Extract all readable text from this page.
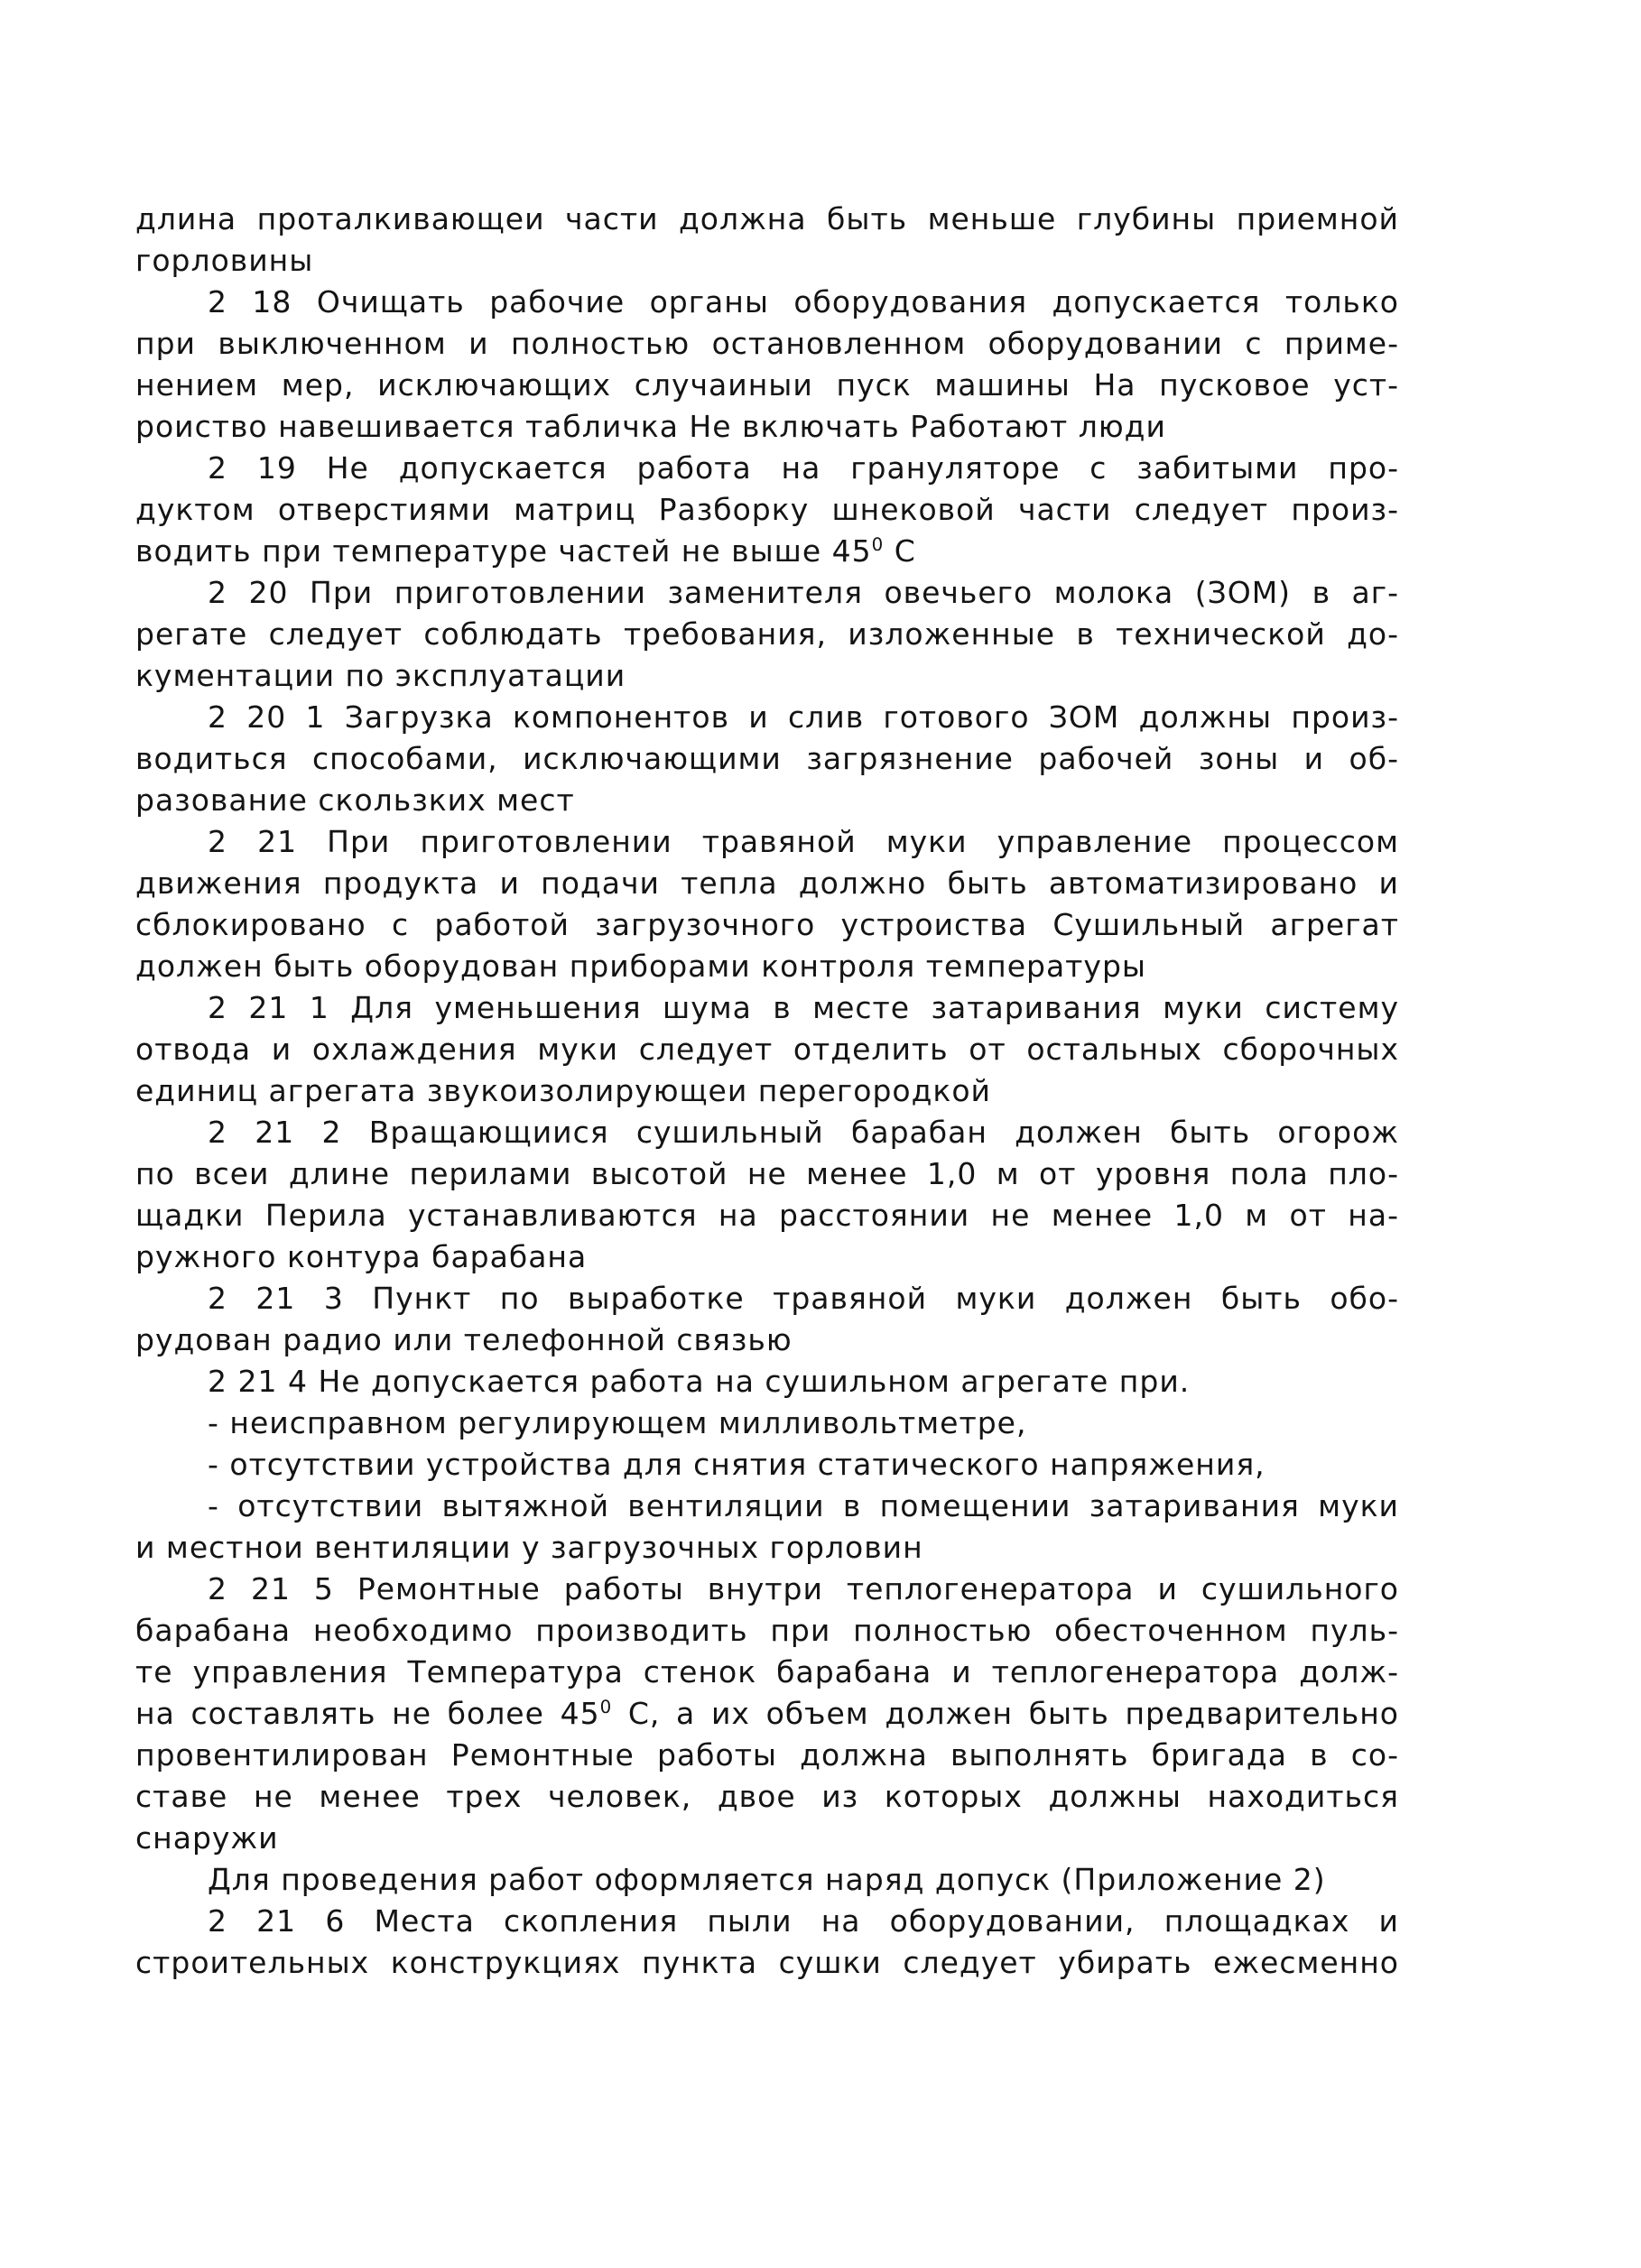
длина проталкивающеи части должна быть меньше глубины приемной
горловины
2 18 Очищать рабочие органы оборудования допускается только
при выключенном и полностью остановленном оборудовании с приме-
нением мер, исключающих случаиныи пуск машины На пусковое уст-
роиство навешивается табличка Не включать Работают люди
2 19 Не допускается работа на грануляторе с забитыми про-
дуктом отверстиями матриц Разборку шнековой части следует произ-
водить при температуре частей не выше $45^0$ С
2 20 При приготовлении заменителя овечьего молока (ЗОМ) в аг-
регате следует соблюдать требования, изложенные в технической до-
кументации по эксплуатации
2 20 1 Загрузка компонентов и слив готового ЗОМ должны произ-
водиться способами, исключающими загрязнение рабочей зоны и об-
разование скользких мест
2 21 При приготовлении травяной муки управление процессом
движения продукта и подачи тепла должно быть автоматизировано и
сблокировано с работой загрузочного устроиства Сушильный агрегат
должен быть оборудован приборами контроля температуры
2 21 1 Для уменьшения шума в месте затаривания муки систему
отвода и охлаждения муки следует отделить от остальных сборочных
единиц агрегата звукоизолирующеи перегородкой
2 21 2 Вращающиися сушильный барабан должен быть огорож
по всеи длине перилами высотой не менее 1,0 м от уровня пола пло-
щадки Перила устанавливаются на расстоянии не менее 1,0 м от на-
ружного контура барабана
2 21 3 Пункт по выработке травяной муки должен быть обо-
рудован радио или телефонной связью
2 21 4 Не допускается работа на сушильном агрегате при.
- неисправном регулирующем милливольтметре,
- отсутствии устройства для снятия статического напряжения,
- отсутствии вытяжной вентиляции в помещении затаривания муки
и местнои вентиляции у загрузочных горловин
2 21 5 Ремонтные работы внутри теплогенератора и сушильного
барабана необходимо производить при полностью обесточенном пуль-
те управления Температура стенок барабана и теплогенератора долж-
на составлять не более $45^0$ С, а их объем должен быть предварительно
провентилирован Ремонтные работы должна выполнять бригада в со-
ставе не менее трех человек, двое из которых должны находиться
снаружи
Для проведения работ оформляется наряд допуск (Приложение 2)
2 21 6 Места скопления пыли на оборудовании, площадках и
строительных конструкциях пункта сушки следует убирать ежесменно
